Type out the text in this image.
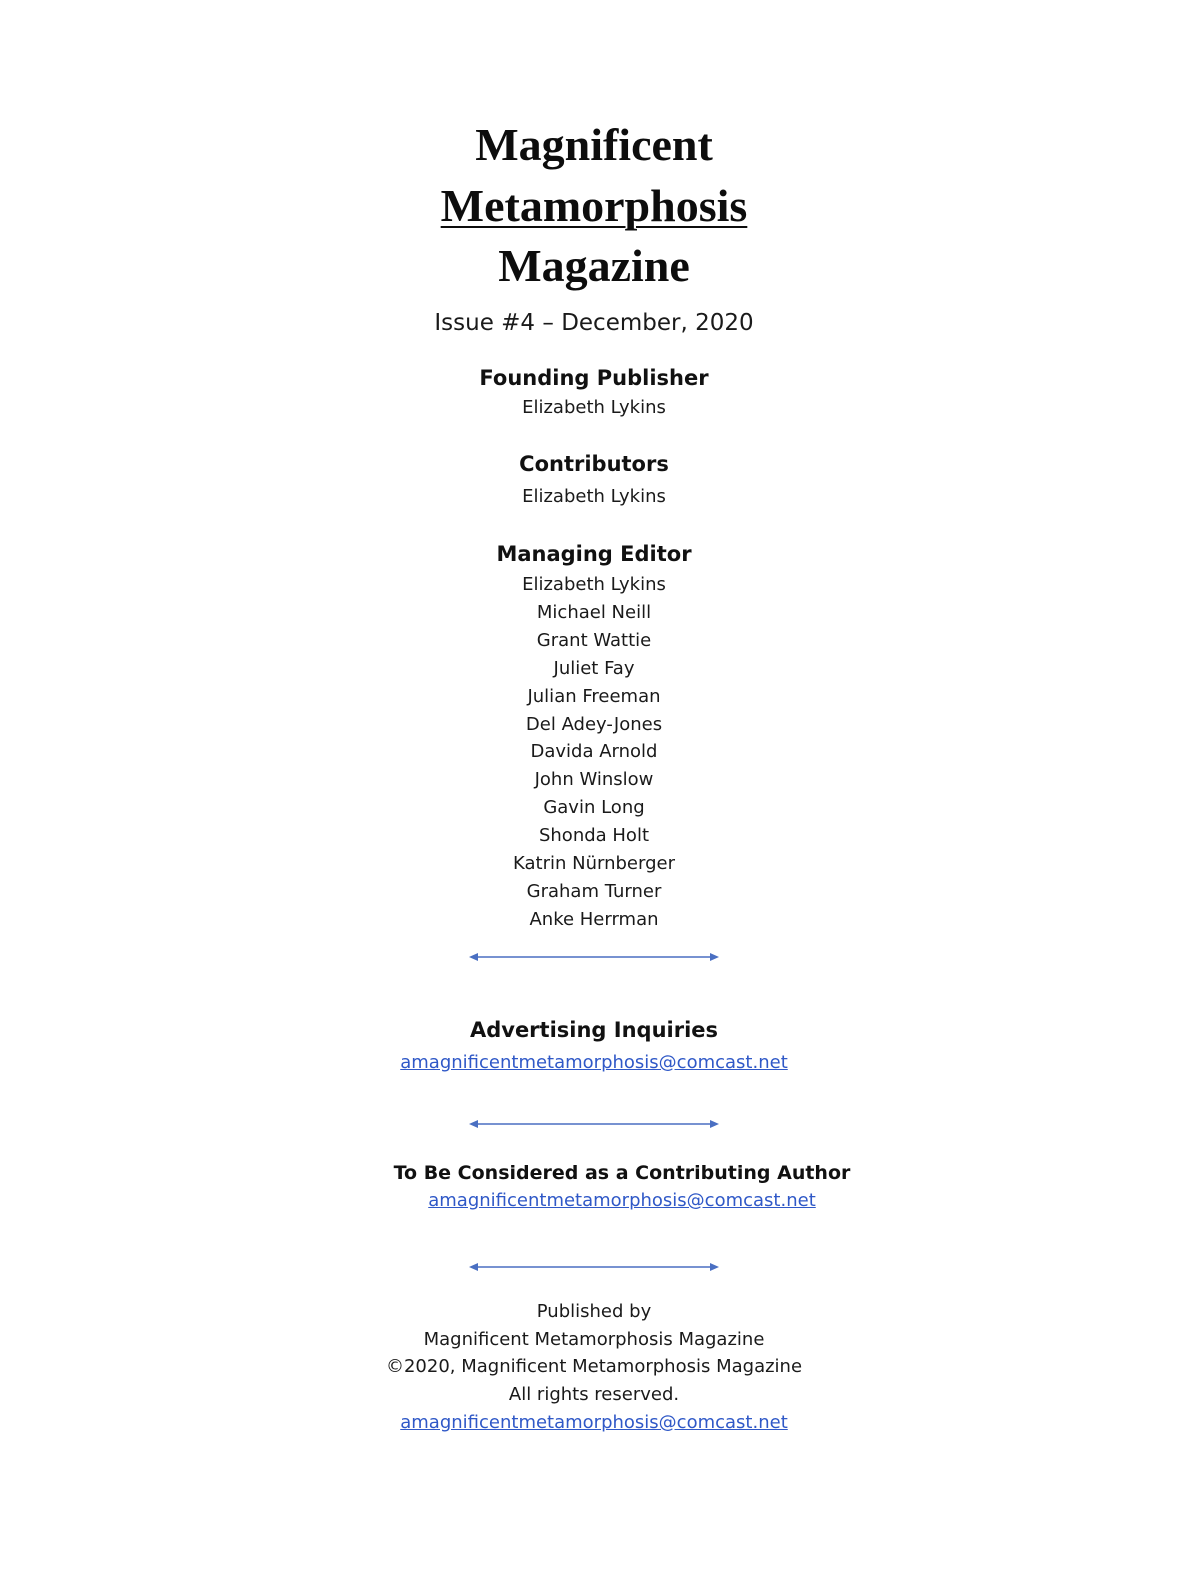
Magnificent
Metamorphosis
Magazine
Issue #4 – December, 2020
Founding Publisher
Elizabeth Lykins
Contributors
Elizabeth Lykins
Managing Editor
Elizabeth Lykins
Michael Neill
Grant Wattie
Juliet Fay
Julian Freeman
Del Adey-Jones
Davida Arnold
John Winslow
Gavin Long
Shonda Holt
Katrin Nürnberger
Graham Turner
Anke Herrman
Advertising Inquiries
amagnificentmetamorphosis@comcast.net
To Be Considered as a Contributing Author
amagnificentmetamorphosis@comcast.net
Published by
Magnificent Metamorphosis Magazine
©2020, Magnificent Metamorphosis Magazine
All rights reserved.
amagnificentmetamorphosis@comcast.net
